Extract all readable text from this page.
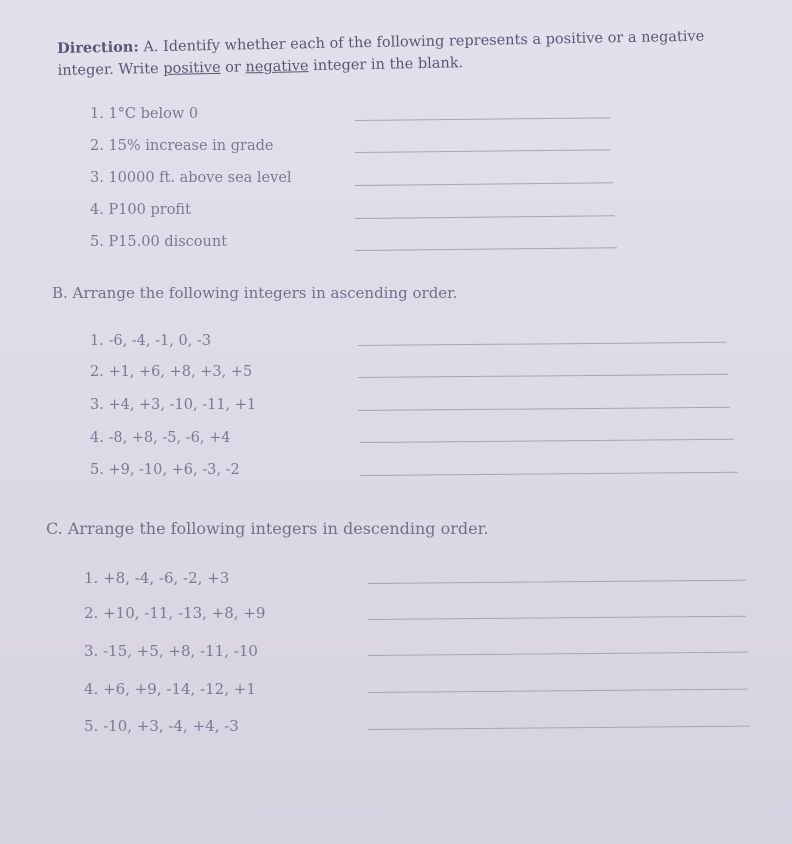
Direction: A. Identify whether each of the following represents a positive or a negative integer. Write positive or negative integer in the blank.
1. 1°C below 0
2. 15% increase in grade
3. 10000 ft. above sea level
4. P100 profit
5. P15.00 discount
B. Arrange the following integers in ascending order.
1. -6, -4, -1, 0, -3
2. +1, +6, +8, +3, +5
3. +4, +3, -10, -11, +1
4. -8, +8, -5, -6, +4
5. +9, -10, +6, -3, -2
C. Arrange the following integers in descending order.
1. +8, -4, -6, -2, +3
2. +10, -11, -13, +8, +9
3. -15, +5, +8, -11, -10
4. +6, +9, -14, -12, +1
5. -10, +3, -4, +4, -3
